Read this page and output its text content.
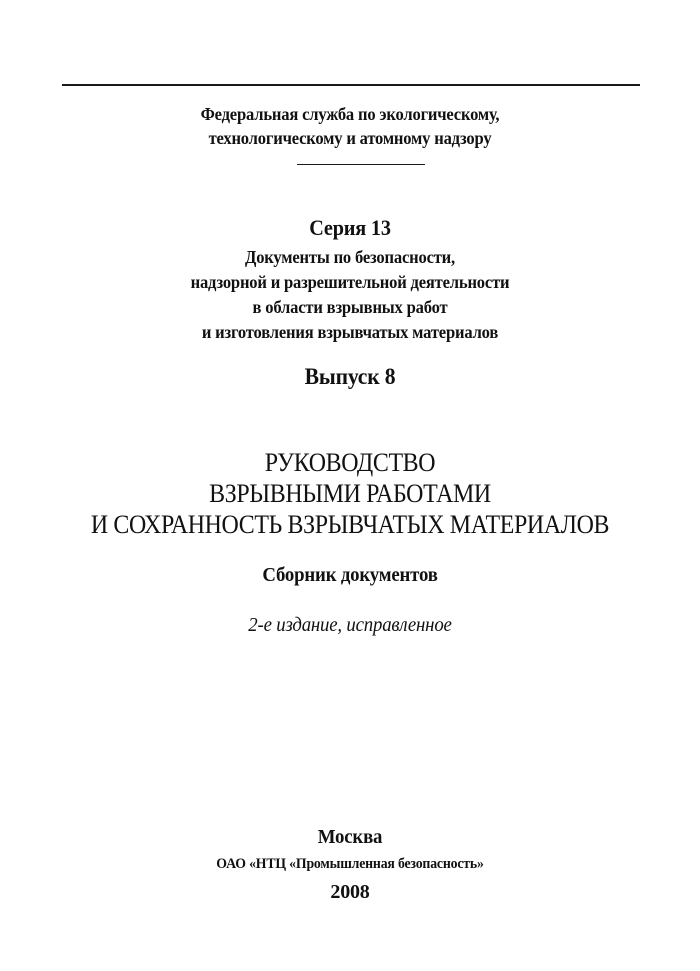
Федеральная служба по экологическому,
технологическому и атомному надзору
Серия 13
Документы по безопасности,
надзорной и разрешительной деятельности
в области взрывных работ
и изготовления взрывчатых материалов
Выпуск 8
РУКОВОДСТВО
ВЗРЫВНЫМИ РАБОТАМИ
И СОХРАННОСТЬ ВЗРЫВЧАТЫХ МАТЕРИАЛОВ
Сборник документов
2-е издание, исправленное
Москва
ОАО «НТЦ «Промышленная безопасность»
2008
